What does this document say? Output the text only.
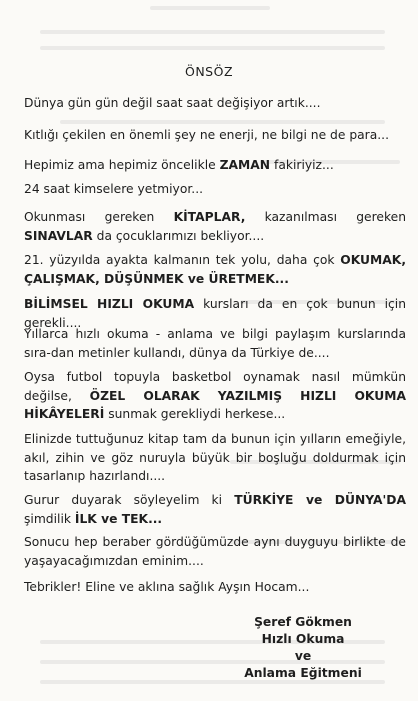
ÖNSÖZ

Dünya gün gün değil saat saat değişiyor artık....

Kıtlığı çekilen en önemli şey ne enerji, ne bilgi ne de para...

Hepimiz ama hepimiz öncelikle ZAMAN fakiriyiz...

24 saat kimselere yetmiyor...

Okunması gereken KİTAPLAR, kazanılması gereken SINAVLAR da çocuklarımızı bekliyor....

21. yüzyılda ayakta kalmanın tek yolu, daha çok OKUMAK, ÇALIŞMAK, DÜŞÜNMEK ve ÜRETMEK...

BİLİMSEL HIZLI OKUMA kursları da en çok bunun için gerekli....

Yıllarca hızlı okuma - anlama ve bilgi paylaşım kurslarında sıra-dan metinler kullandı, dünya da Türkiye de....

Oysa futbol topuyla basketbol oynamak nasıl mümkün değilse, ÖZEL OLARAK YAZILMIŞ HIZLI OKUMA HİKÂYELERİ sunmak gerekliydi herkese...

Elinizde tuttuğunuz kitap tam da bunun için yılların emeğiyle, akıl, zihin ve göz nuruyla büyük bir boşluğu doldurmak için tasarlanıp hazırlandı....

Gurur duyarak söyleyelim ki TÜRKİYE ve DÜNYA'DA şimdilik İLK ve TEK...

Sonucu hep beraber gördüğümüzde aynı duyguyu birlikte de yaşayacağımızdan eminim....

Tebrikler! Eline ve aklına sağlık Ayşın Hocam...

Şeref Gökmen
Hızlı Okuma
ve
Anlama Eğitmeni
